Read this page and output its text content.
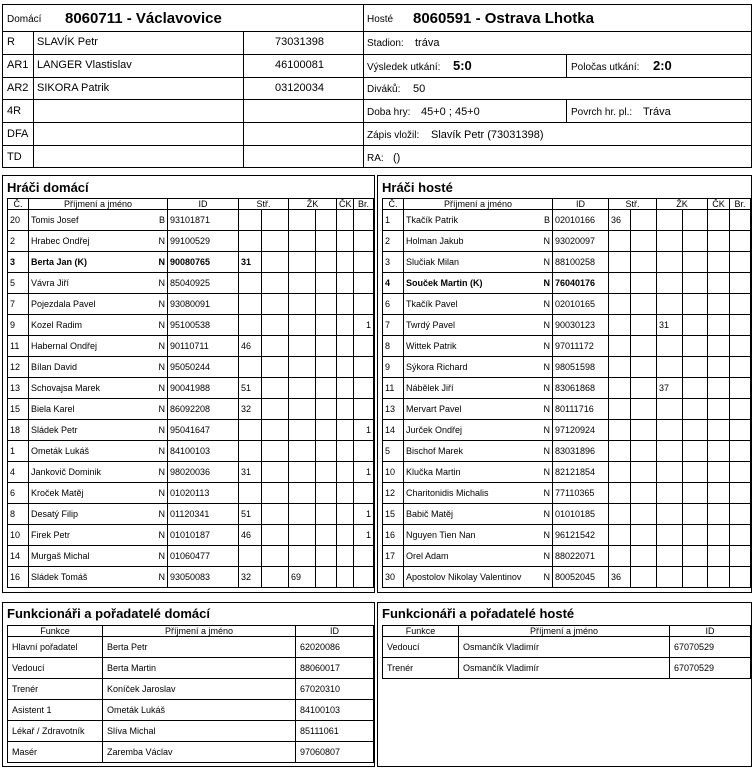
Domácí 8060711 - Václavovice	Hosté 8060591 - Ostrava Lhotka
R SLAVÍK Petr	73031398
AR1 LANGER Vlastislav	46100081
AR2 SIKORA Patrik	03120034
4R
DFA
TD
Stadion: tráva
Výsledek utkání: 5:0	Poločas utkání: 2:0
Diváků: 50
Doba hry: 45+0 ; 45+0	Povrch hr. pl.: Tráva
Zápis vložil: Slavík Petr (73031398)
RA: ()
Hráči domácí
Č.	Příjmení a jméno	ID	Stř.		ŽK		ČK	Br.
20	Tomis Josef B	93101871						
2	Hrabec Ondřej N	99100529						
3	Berta Jan (K) N	90080765	31					
5	Vávra Jiří N	85040925						
7	Pojezdala Pavel N	93080091						
9	Kozel Radim N	95100538						1
11	Habernal Ondřej N	90110711	46					
12	Bílan David N	95050244						
13	Schovajsa Marek N	90041988	51					
15	Biela Karel N	86092208	32					
18	Sládek Petr N	95041647						1
1	Ometák Lukáš N	84100103						
4	Jankovič Dominik N	98020036	31					1
6	Kroček Matěj N	01020113						
8	Desatý Filip N	01120341	51					1
10	Firek Petr N	01010187	46					1
14	Murgaš Michal N	01060477						
16	Sládek Tomáš N	93050083	32		69			
Hráči hosté
Č.	Příjmení a jméno	ID	Stř.		ŽK		ČK	Br.
1	Tkačík Patrik B	02010166	36					
2	Holman Jakub N	93020097						
3	Slučiak Milan N	88100258						
4	Souček Martin (K) N	76040176						
6	Tkačík Pavel N	02010165						
7	Twrdý Pavel N	90030123			31			
8	Wittek Patrik N	97011172						
9	Sýkora Richard N	98051598						
11	Nábělek Jiří N	83061868			37			
13	Mervart Pavel N	80111716						
14	Jurček Ondřej N	97120924						
5	Bischof Marek N	83031896						
10	Klučka Martin N	82121854						
12	Charitonidis Michalis N	77110365						
15	Babič Matěj N	01010185						
16	Nguyen Tien Nan N	96121542						
17	Orel Adam N	88022071						
30	Apostolov Nikolay Valentinov N	80052045	36					
Funkcionáři a pořadatelé domácí
Funkce	Příjmení a jméno	ID
Hlavní pořadatel	Berta Petr	62020086
Vedoucí	Berta Martin	88060017
Trenér	Koníček Jaroslav	67020310
Asistent 1	Ometák Lukáš	84100103
Lékař / Zdravotník	Slíva Michal	85111061
Masér	Zaremba Václav	97060807
Funkcionáři a pořadatelé hosté
Funkce	Příjmení a jméno	ID
Vedoucí	Osmančík Vladimír	67070529
Trenér	Osmančík Vladimír	67070529
